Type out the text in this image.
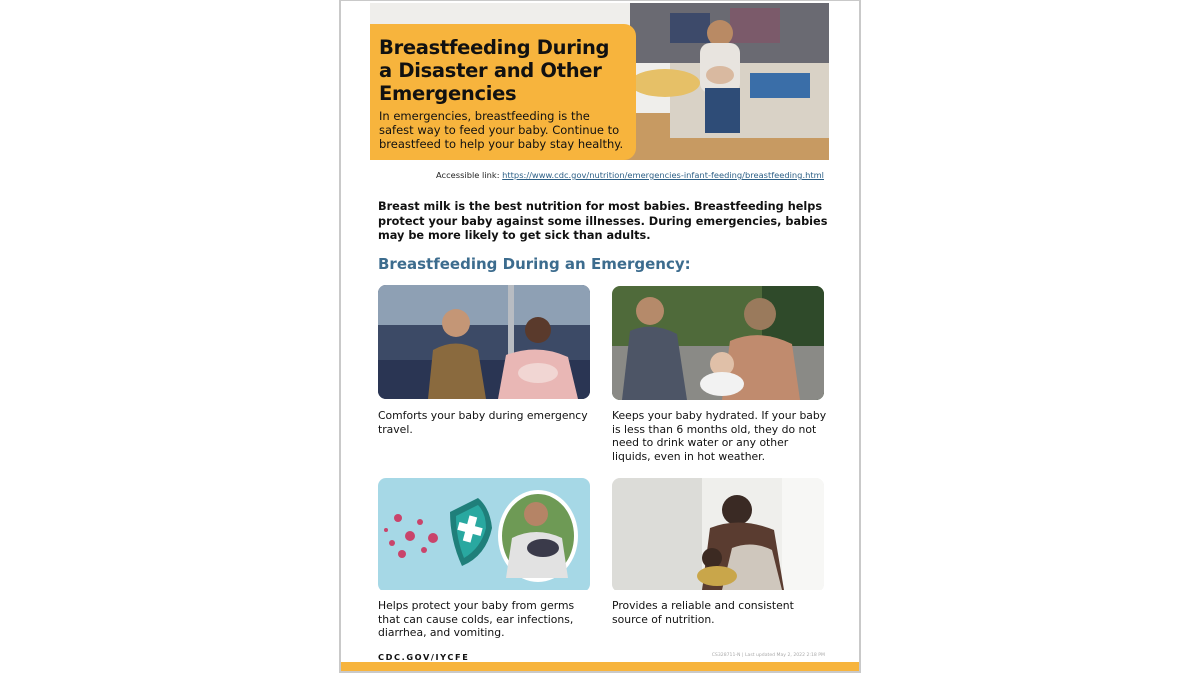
Breastfeeding During a Disaster and Other Emergencies

In emergencies, breastfeeding is the safest way to feed your baby. Continue to breastfeed to help your baby stay healthy.

Accessible link: https://www.cdc.gov/nutrition/emergencies-infant-feeding/breastfeeding.html

Breast milk is the best nutrition for most babies. Breastfeeding helps protect your baby against some illnesses. During emergencies, babies may be more likely to get sick than adults.

Breastfeeding During an Emergency:

Comforts your baby during emergency travel.

Keeps your baby hydrated. If your baby is less than 6 months old, they do not need to drink water or any other liquids, even in hot weather.

Helps protect your baby from germs that can cause colds, ear infections, diarrhea, and vomiting.

Provides a reliable and consistent source of nutrition.

CDC.GOV/IYCFE	CS328711-N | Last updated May 2, 2022 2:18 PM
